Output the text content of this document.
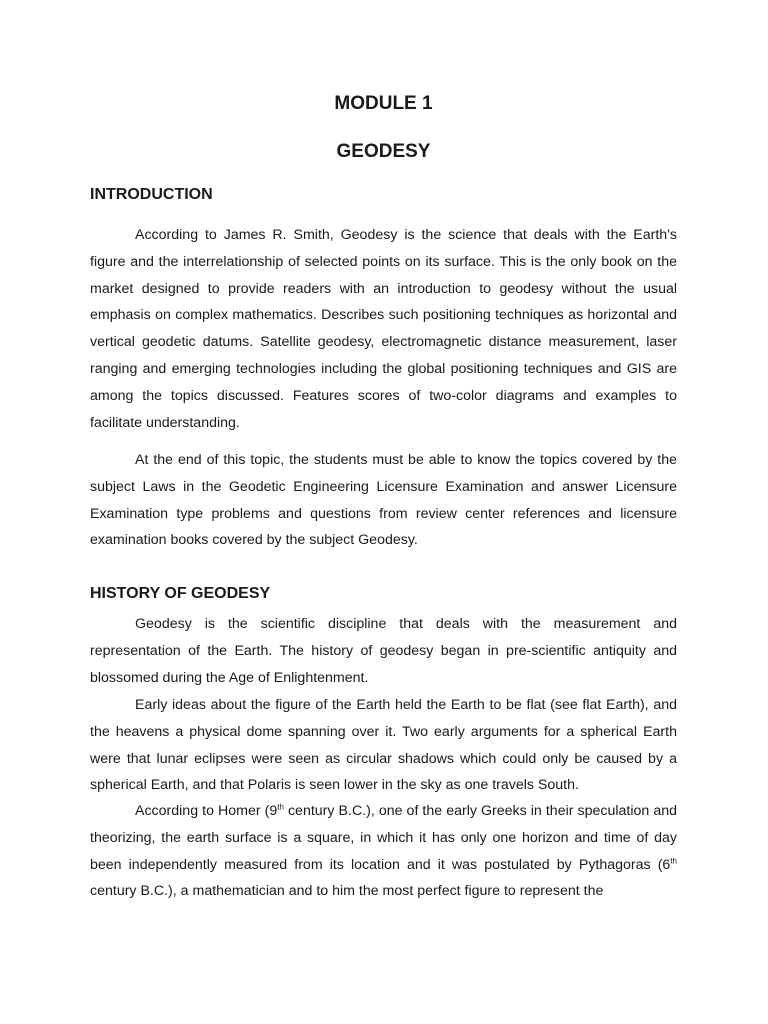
MODULE 1
GEODESY
INTRODUCTION

According to James R. Smith, Geodesy is the science that deals with the Earth's figure and the interrelationship of selected points on its surface. This is the only book on the market designed to provide readers with an introduction to geodesy without the usual emphasis on complex mathematics. Describes such positioning techniques as horizontal and vertical geodetic datums. Satellite geodesy, electromagnetic distance measurement, laser ranging and emerging technologies including the global positioning techniques and GIS are among the topics discussed. Features scores of two-color diagrams and examples to facilitate understanding.

At the end of this topic, the students must be able to know the topics covered by the subject Laws in the Geodetic Engineering Licensure Examination and answer Licensure Examination type problems and questions from review center references and licensure examination books covered by the subject Geodesy.

HISTORY OF GEODESY

Geodesy is the scientific discipline that deals with the measurement and representation of the Earth. The history of geodesy began in pre-scientific antiquity and blossomed during the Age of Enlightenment.

Early ideas about the figure of the Earth held the Earth to be flat (see flat Earth), and the heavens a physical dome spanning over it. Two early arguments for a spherical Earth were that lunar eclipses were seen as circular shadows which could only be caused by a spherical Earth, and that Polaris is seen lower in the sky as one travels South.

According to Homer (9th century B.C.), one of the early Greeks in their speculation and theorizing, the earth surface is a square, in which it has only one horizon and time of day been independently measured from its location and it was postulated by Pythagoras (6th century B.C.), a mathematician and to him the most perfect figure to represent the
